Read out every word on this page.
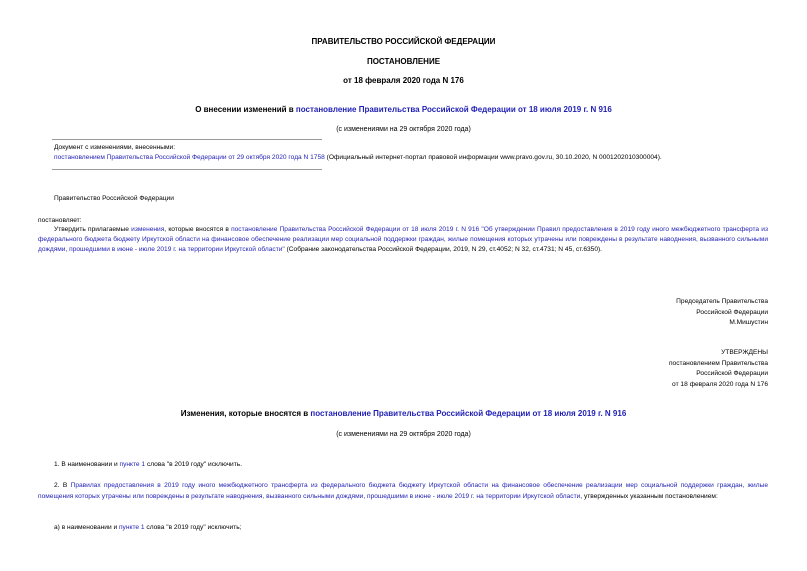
ПРАВИТЕЛЬСТВО РОССИЙСКОЙ ФЕДЕРАЦИИ
ПОСТАНОВЛЕНИЕ
от 18 февраля 2020 года N 176
О внесении изменений в постановление Правительства Российской Федерации от 18 июля 2019 г. N 916
(с изменениями на 29 октября 2020 года)
Документ с изменениями, внесенными:
постановлением Правительства Российской Федерации от 29 октября 2020 года N 1758 (Официальный интернет-портал правовой информации www.pravo.gov.ru, 30.10.2020, N 0001202010300004).
Правительство Российской Федерации
постановляет:

Утвердить прилагаемые изменения, которые вносятся в постановление Правительства Российской Федерации от 18 июля 2019 г. N 916 "Об утверждении Правил предоставления в 2019 году иного межбюджетного трансферта из федерального бюджета бюджету Иркутской области на финансовое обеспечение реализации мер социальной поддержки граждан, жилые помещения которых утрачены или повреждены в результате наводнения, вызванного сильными дождями, прошедшими в июне - июле 2019 г. на территории Иркутской области" (Собрание законодательства Российской Федерации, 2019, N 29, ст.4052; N 32, ст.4731; N 45, ст.6350).

Председатель Правительства
Российской Федерации
М.Мишустин
УТВЕРЖДЕНЫ
постановлением Правительства
Российской Федерации
от 18 февраля 2020 года N 176
Изменения, которые вносятся в постановление Правительства Российской Федерации от 18 июля 2019 г. N 916
(с изменениями на 29 октября 2020 года)
1. В наименовании и пункте 1 слова "в 2019 году" исключить.

2. В Правилах предоставления в 2019 году иного межбюджетного трансферта из федерального бюджета бюджету Иркутской области на финансовое обеспечение реализации мер социальной поддержки граждан, жилые помещения которых утрачены или повреждены в результате наводнения, вызванного сильными дождями, прошедшими в июне - июле 2019 г. на территории Иркутской области, утвержденных указанным постановлением:

а) в наименовании и пункте 1 слова "в 2019 году" исключить;
